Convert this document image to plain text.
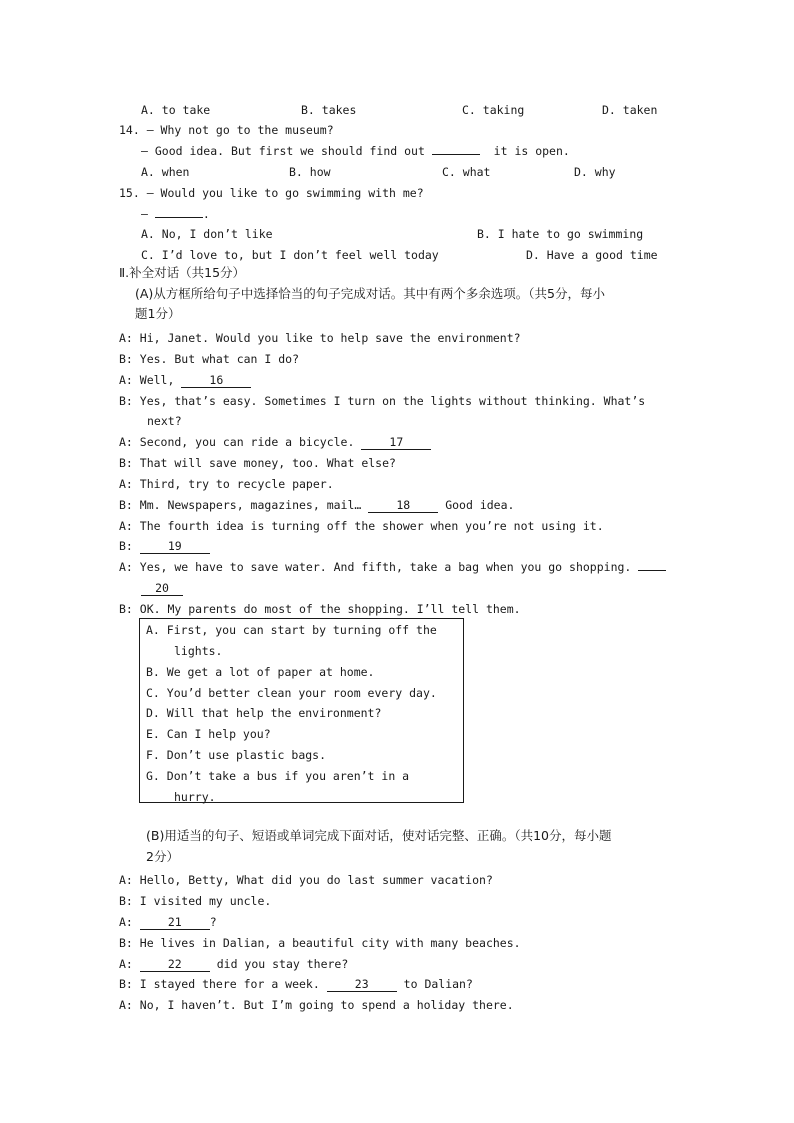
A. to take	B. takes	C. taking	D. taken
14. — Why not go to the museum?
— Good idea. But first we should find out	it is open.
A. when	B. how	C. what	D. why
15. — Would you like to go swimming with me?
—	.
A. No, I don’t like	B. I hate to go swimming
C. I’d love to, but I don’t feel well today	D. Have a good time
Ⅱ.补全对话（共15分）
(A)从方框所给句子中选择恰当的句子完成对话。其中有两个多余选项。（共5分，每小
题1分）
A: Hi, Janet. Would you like to help save the environment?
B: Yes. But what can I do?
A: Well,	16
B: Yes, that’s easy. Sometimes I turn on the lights without thinking. What’s
next?
A: Second, you can ride a bicycle.	17
B: That will save money, too. What else?
A: Third, try to recycle paper.
B: Mm. Newspapers, magazines, mail…	18	Good idea.
A: The fourth idea is turning off the shower when you’re not using it.
B:	19
A: Yes, we have to save water. And fifth, take a bag when you go shopping.
20
B: OK. My parents do most of the shopping. I’ll tell them.
A. First, you can start by turning off the
lights.
B. We get a lot of paper at home.
C. You’d better clean your room every day.
D. Will that help the environment?
E. Can I help you?
F. Don’t use plastic bags.
G. Don’t take a bus if you aren’t in a
hurry.
(B)用适当的句子、短语或单词完成下面对话，使对话完整、正确。（共10分，每小题
2分）
A: Hello, Betty, What did you do last summer vacation?
B: I visited my uncle.
A:	21 ?
B: He lives in Dalian, a beautiful city with many beaches.
A:	22	did you stay there?
B: I stayed there for a week.	23	to Dalian?
A: No, I haven’t. But I’m going to spend a holiday there.
